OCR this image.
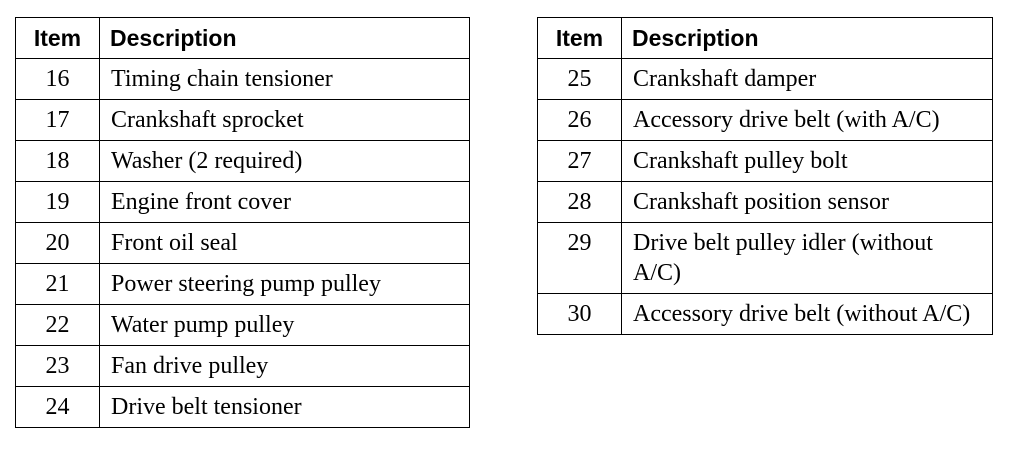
Item	Description
16	Timing chain tensioner
17	Crankshaft sprocket
18	Washer (2 required)
19	Engine front cover
20	Front oil seal
21	Power steering pump pulley
22	Water pump pulley
23	Fan drive pulley
24	Drive belt tensioner
Item	Description
25	Crankshaft damper
26	Accessory drive belt (with A/C)
27	Crankshaft pulley bolt
28	Crankshaft position sensor
29	Drive belt pulley idler (without A/C)
30	Accessory drive belt (without A/C)
